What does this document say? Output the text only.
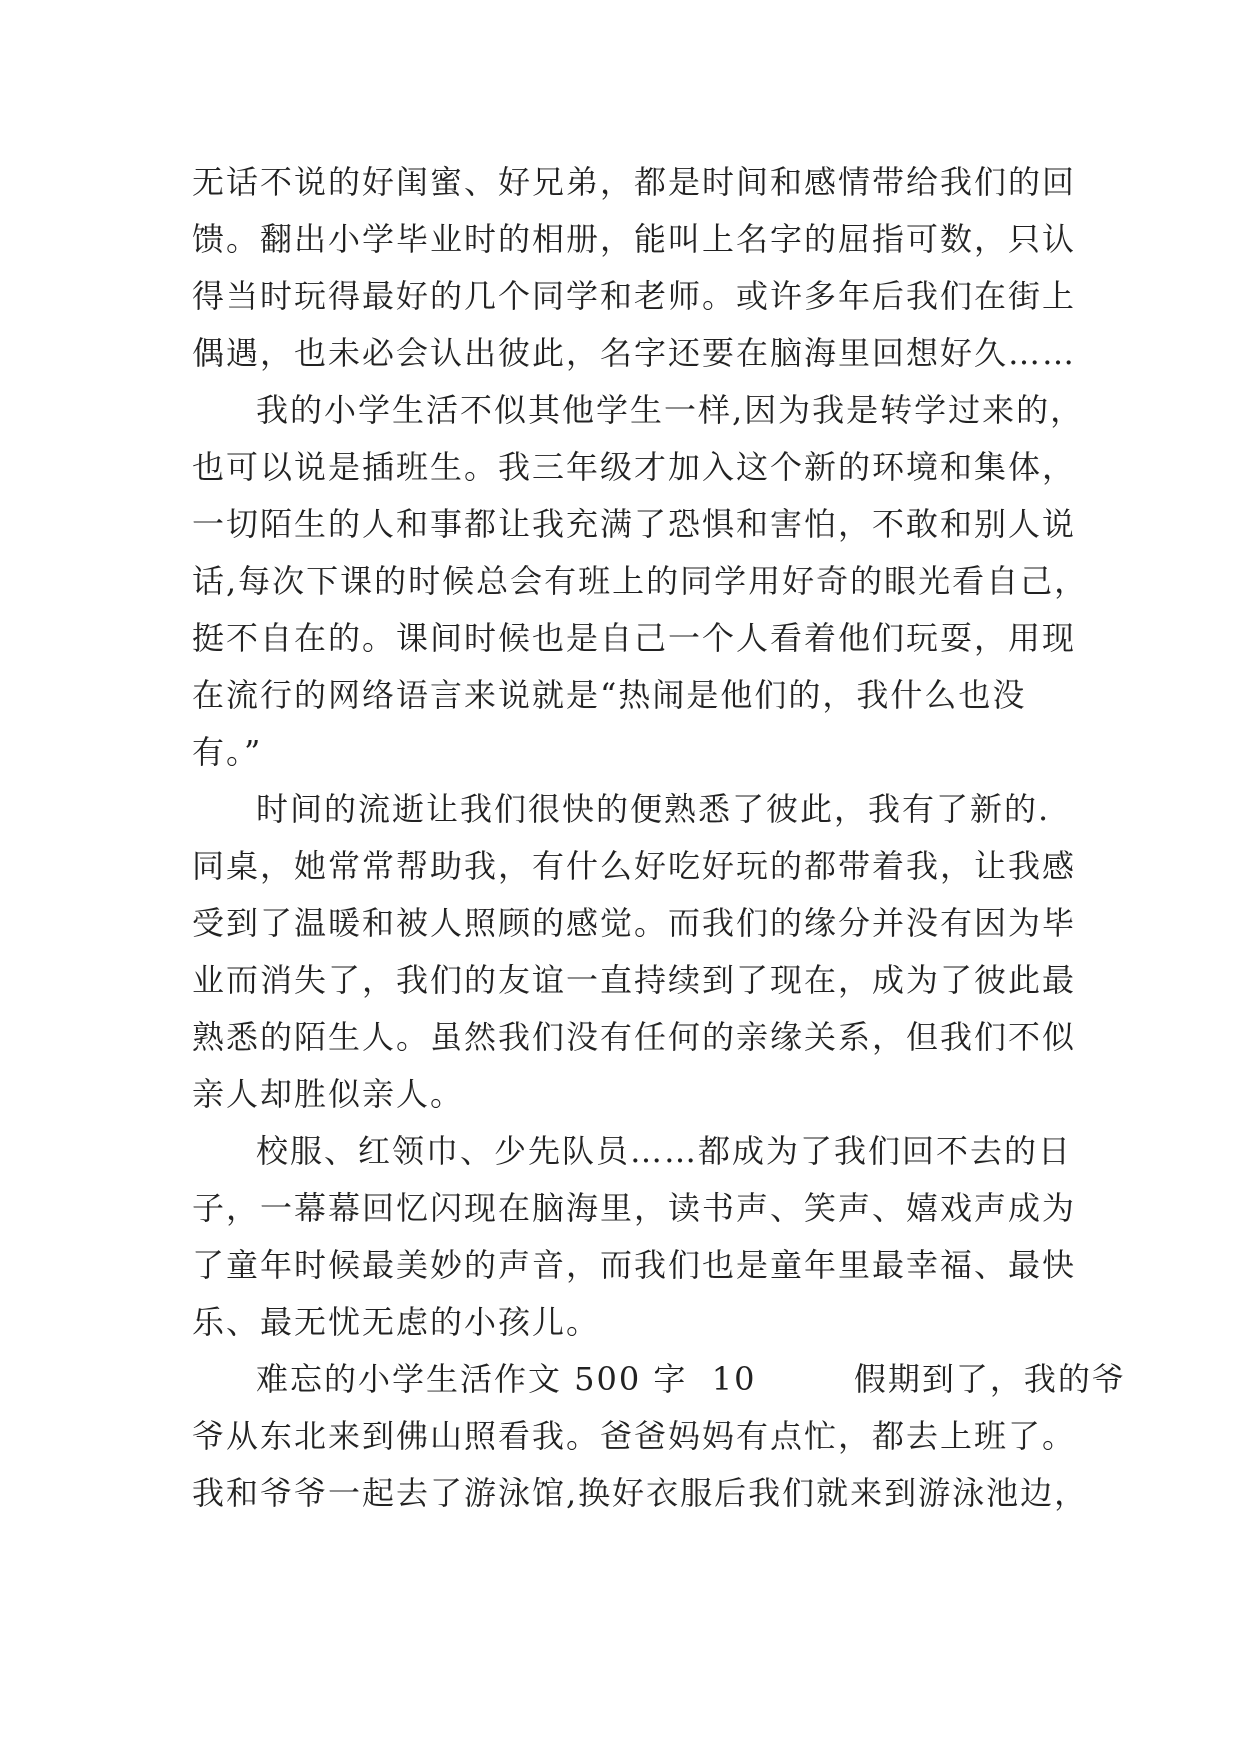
无话不说的好闺蜜、好兄弟，都是时间和感情带给我们的回
馈。翻出小学毕业时的相册，能叫上名字的屈指可数，只认
得当时玩得最好的几个同学和老师。或许多年后我们在街上
偶遇，也未必会认出彼此，名字还要在脑海里回想好久……
我的小学生活不似其他学生一样,因为我是转学过来的，
也可以说是插班生。我三年级才加入这个新的环境和集体，
一切陌生的人和事都让我充满了恐惧和害怕，不敢和别人说
话,每次下课的时候总会有班上的同学用好奇的眼光看自己，
挺不自在的。课间时候也是自己一个人看着他们玩耍，用现
在流行的网络语言来说就是“热闹是他们的，我什么也没
有。”
时间的流逝让我们很快的便熟悉了彼此，我有了新的.
同桌，她常常帮助我，有什么好吃好玩的都带着我，让我感
受到了温暖和被人照顾的感觉。而我们的缘分并没有因为毕
业而消失了，我们的友谊一直持续到了现在，成为了彼此最
熟悉的陌生人。虽然我们没有任何的亲缘关系，但我们不似
亲人却胜似亲人。
校服、红领巾、少先队员……都成为了我们回不去的日
子，一幕幕回忆闪现在脑海里，读书声、笑声、嬉戏声成为
了童年时候最美妙的声音，而我们也是童年里最幸福、最快
乐、最无忧无虑的小孩儿。
难忘的小学生活作文 500 字  10        假期到了，我的爷
爷从东北来到佛山照看我。爸爸妈妈有点忙，都去上班了。
我和爷爷一起去了游泳馆,换好衣服后我们就来到游泳池边，
